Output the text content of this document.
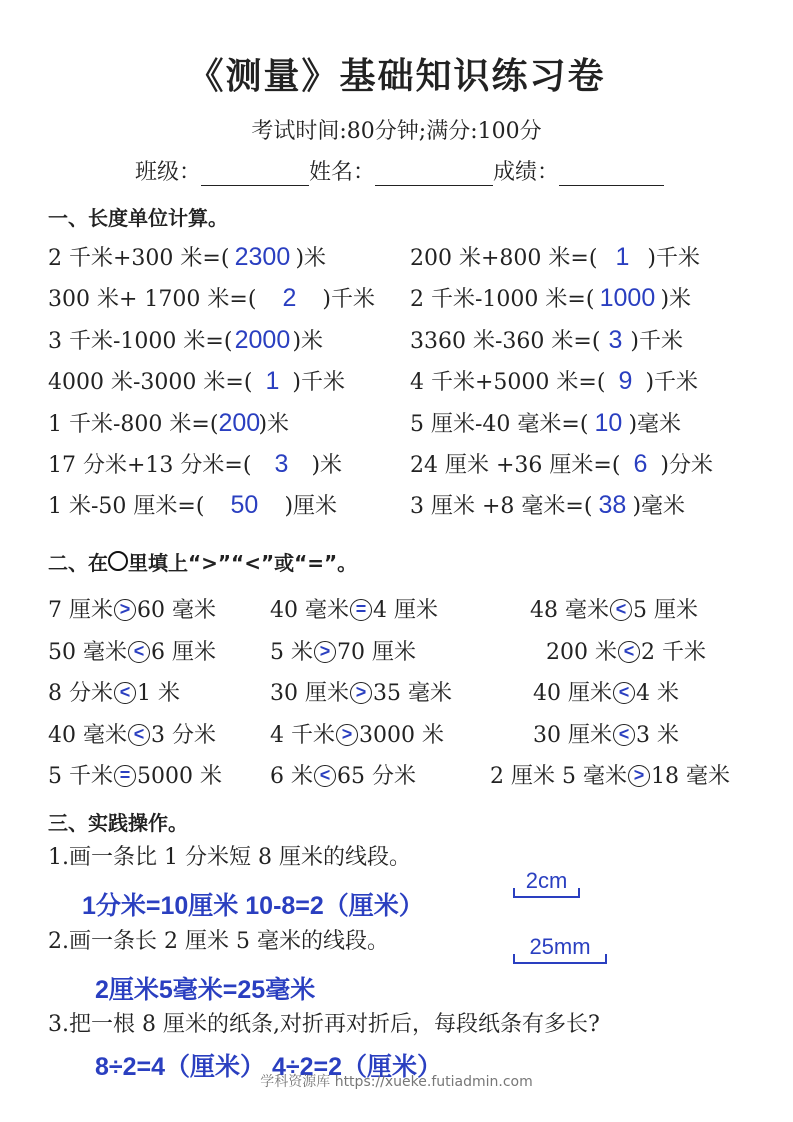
《测量》基础知识练习卷
考试时间:80分钟;满分:100分
班级：	姓名：	成绩：
一、长度单位计算。
2 千米+300 米=( 2300 )米	200 米+800 米=( 1 )千米
300 米+ 1700 米=( 2 )千米 2 千米-1000 米=( 1000 )米
3 千米-1000 米=(2000)米	3360 米-360 米=( 3 )千米
4000 米-3000 米=( 1 )千米	4 千米+5000 米=( 9 )千米
1 千米-800 米=(200)米	5 厘米-40 毫米=( 10 )毫米
17 分米+13 分米=( 3 )米	24 厘米 +36 厘米=( 6 )分米
1 米-50 厘米=( 50 )厘米	3 厘米 +8 毫米=( 38 )毫米
二、在 里填上“>”“<”或“=”。
7 厘米 > 60 毫米 40 毫米 = 4 厘米	48 毫米 < 5 厘米
50 毫米 < 6 厘米 5 米 > 70 厘米	200 米 < 2 千米
8 分米 < 1 米	30 厘米 > 35 毫米	40 厘米 < 4 米
40 毫米 < 3 分米 4 千米 > 3000 米	30 厘米 < 3 米
5 千米 = 5000 米 6 米 < 65 分米	2 厘米 5 毫米 > 18 毫米
三、实践操作。
1.画一条比 1 分米短 8 厘米的线段。
1分米=10厘米 10-8=2（厘米）
2cm
2.画一条长 2 厘米 5 毫米的线段。
2厘米5毫米=25毫米
25mm
3.把一根 8 厘米的纸条,对折再对折后，每段纸条有多长?
8÷2=4（厘米） 4÷2=2（厘米）
学科资源库 https://xueke.futiadmin.com
